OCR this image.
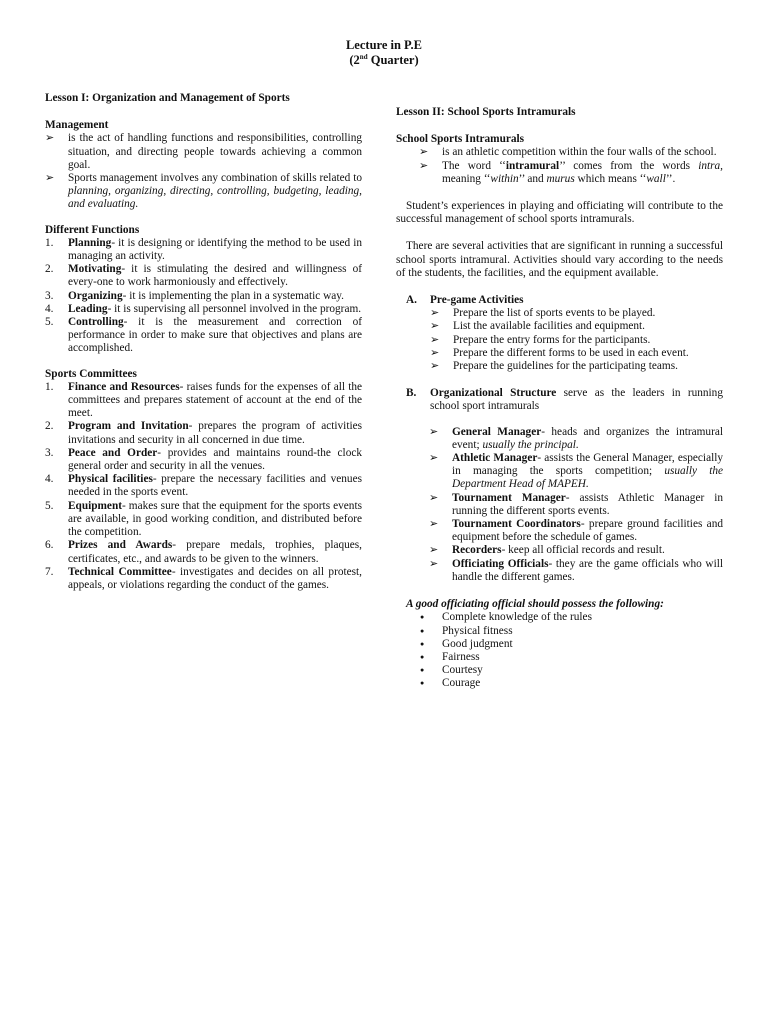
Lecture in P.E
(2nd Quarter)
Lesson I: Organization and Management of Sports
Management
➢ is the act of handling functions and responsibilities, controlling situation, and directing people towards achieving a common goal.
➢ Sports management involves any combination of skills related to planning, organizing, directing, controlling, budgeting, leading, and evaluating.
Different Functions
1. Planning- it is designing or identifying the method to be used in managing an activity.
2. Motivating- it is stimulating the desired and willingness of every-one to work harmoniously and effectively.
3. Organizing- it is implementing the plan in a systematic way.
4. Leading- it is supervising all personnel involved in the program.
5. Controlling- it is the measurement and correction of performance in order to make sure that objectives and plans are accomplished.
Sports Committees
1. Finance and Resources- raises funds for the expenses of all the committees and prepares statement of account at the end of the meet.
2. Program and Invitation- prepares the program of activities invitations and security in all concerned in due time.
3. Peace and Order- provides and maintains round-the clock general order and security in all the venues.
4. Physical facilities- prepare the necessary facilities and venues needed in the sports event.
5. Equipment- makes sure that the equipment for the sports events are available, in good working condition, and distributed before the competition.
6. Prizes and Awards- prepare medals, trophies, plaques, certificates, etc., and awards to be given to the winners.
7. Technical Committee- investigates and decides on all protest, appeals, or violations regarding the conduct of the games.
Lesson II: School Sports Intramurals
School Sports Intramurals
➢ is an athletic competition within the four walls of the school.
➢ The word ‘‘intramural’’ comes from the words intra, meaning ‘‘within’’ and murus which means ‘‘wall’’.
Student’s experiences in playing and officiating will contribute to the successful management of school sports intramurals.
There are several activities that are significant in running a successful school sports intramural. Activities should vary according to the needs of the students, the facilities, and the equipment available.
A. Pre-game Activities
➢ Prepare the list of sports events to be played.
➢ List the available facilities and equipment.
➢ Prepare the entry forms for the participants.
➢ Prepare the different forms to be used in each event.
➢ Prepare the guidelines for the participating teams.
B. Organizational Structure serve as the leaders in running school sport intramurals
➢ General Manager- heads and organizes the intramural event; usually the principal.
➢ Athletic Manager- assists the General Manager, especially in managing the sports competition; usually the Department Head of MAPEH.
➢ Tournament Manager- assists Athletic Manager in running the different sports events.
➢ Tournament Coordinators- prepare ground facilities and equipment before the schedule of games.
➢ Recorders- keep all official records and result.
➢ Officiating Officials- they are the game officials who will handle the different games.
A good officiating official should possess the following:
● Complete knowledge of the rules
● Physical fitness
● Good judgment
● Fairness
● Courtesy
● Courage
